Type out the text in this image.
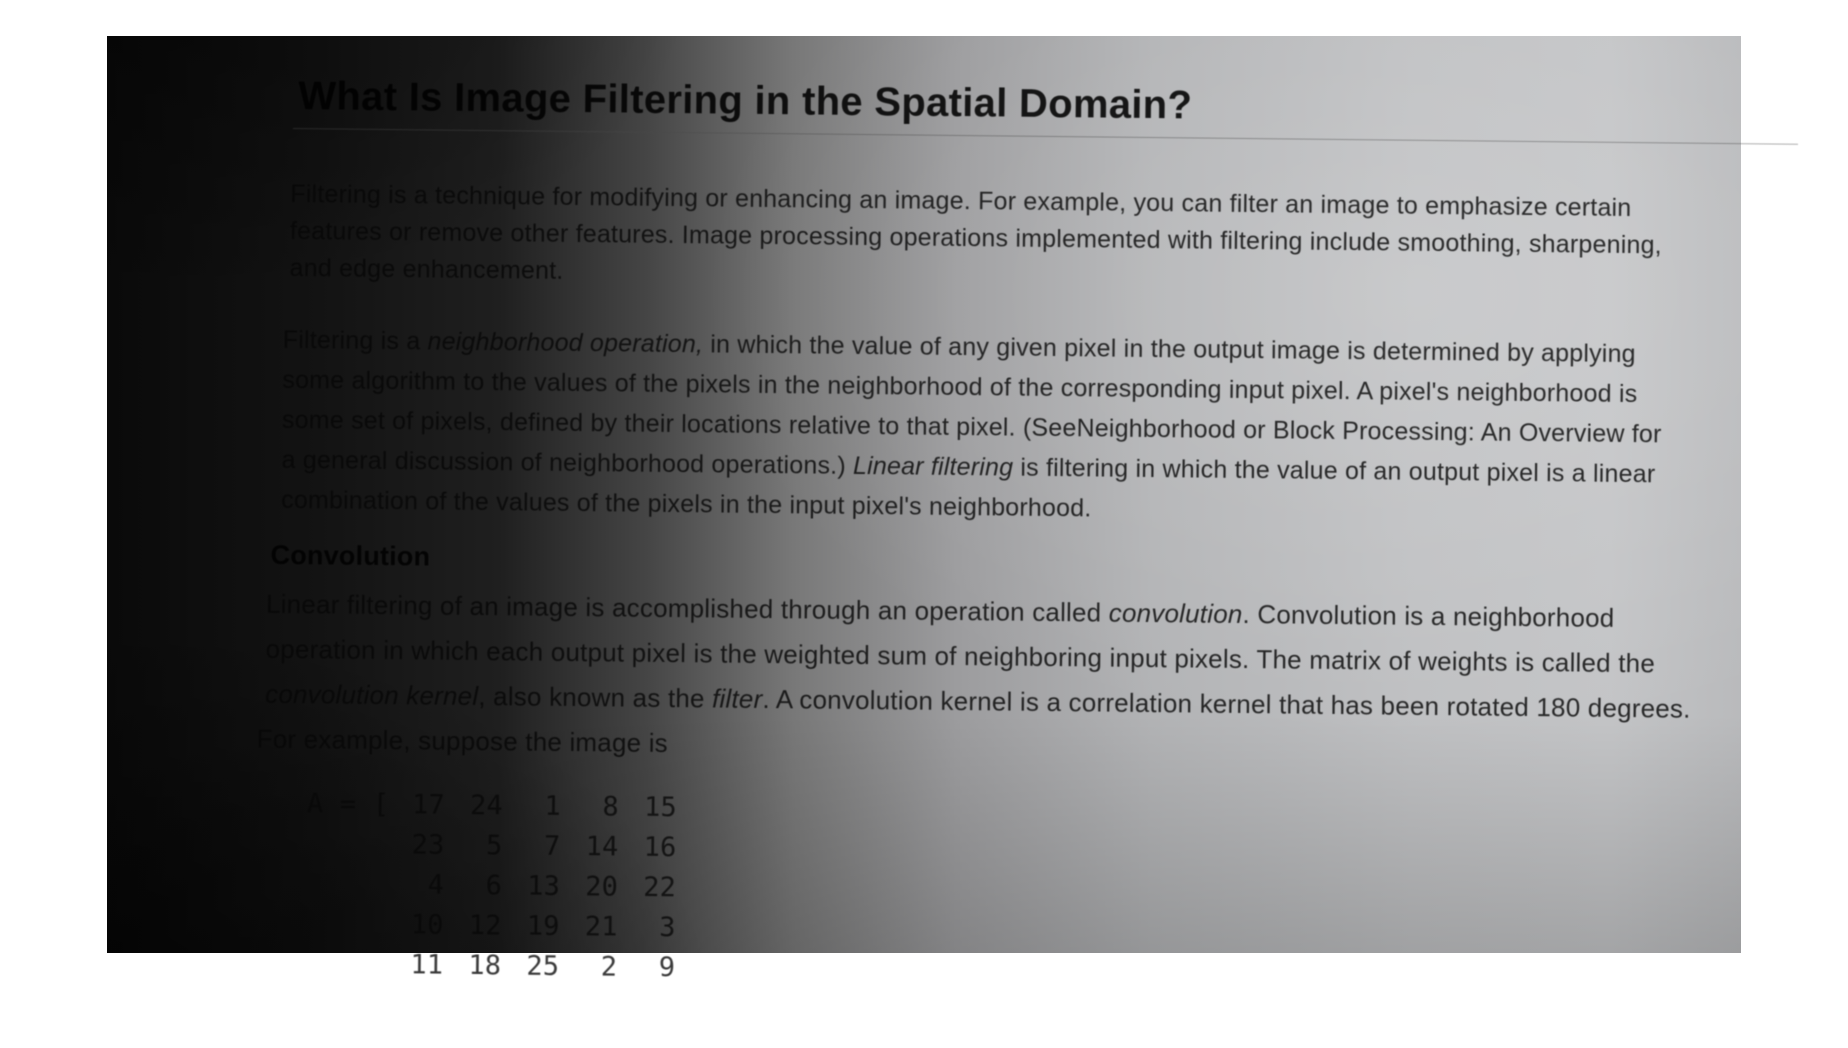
What Is Image Filtering in the Spatial Domain?
Filtering is a technique for modifying or enhancing an image. For example, you can filter an image to emphasize certain
features or remove other features. Image processing operations implemented with filtering include smoothing, sharpening,
and edge enhancement.
Filtering is a neighborhood operation, in which the value of any given pixel in the output image is determined by applying
some algorithm to the values of the pixels in the neighborhood of the corresponding input pixel. A pixel's neighborhood is
some set of pixels, defined by their locations relative to that pixel. (SeeNeighborhood or Block Processing: An Overview for
a general discussion of neighborhood operations.) Linear filtering is filtering in which the value of an output pixel is a linear
combination of the values of the pixels in the input pixel's neighborhood.
Convolution
Linear filtering of an image is accomplished through an operation called convolution. Convolution is a neighborhood
operation in which each output pixel is the weighted sum of neighboring input pixels. The matrix of weights is called the
convolution kernel, also known as the filter. A convolution kernel is a correlation kernel that has been rotated 180 degrees.
For example, suppose the image is
A = [ 17 24	1	8 15

23	5	7 14 16

4	6 13 20 22

10 12 19 21	3

11 18 25	2	9
